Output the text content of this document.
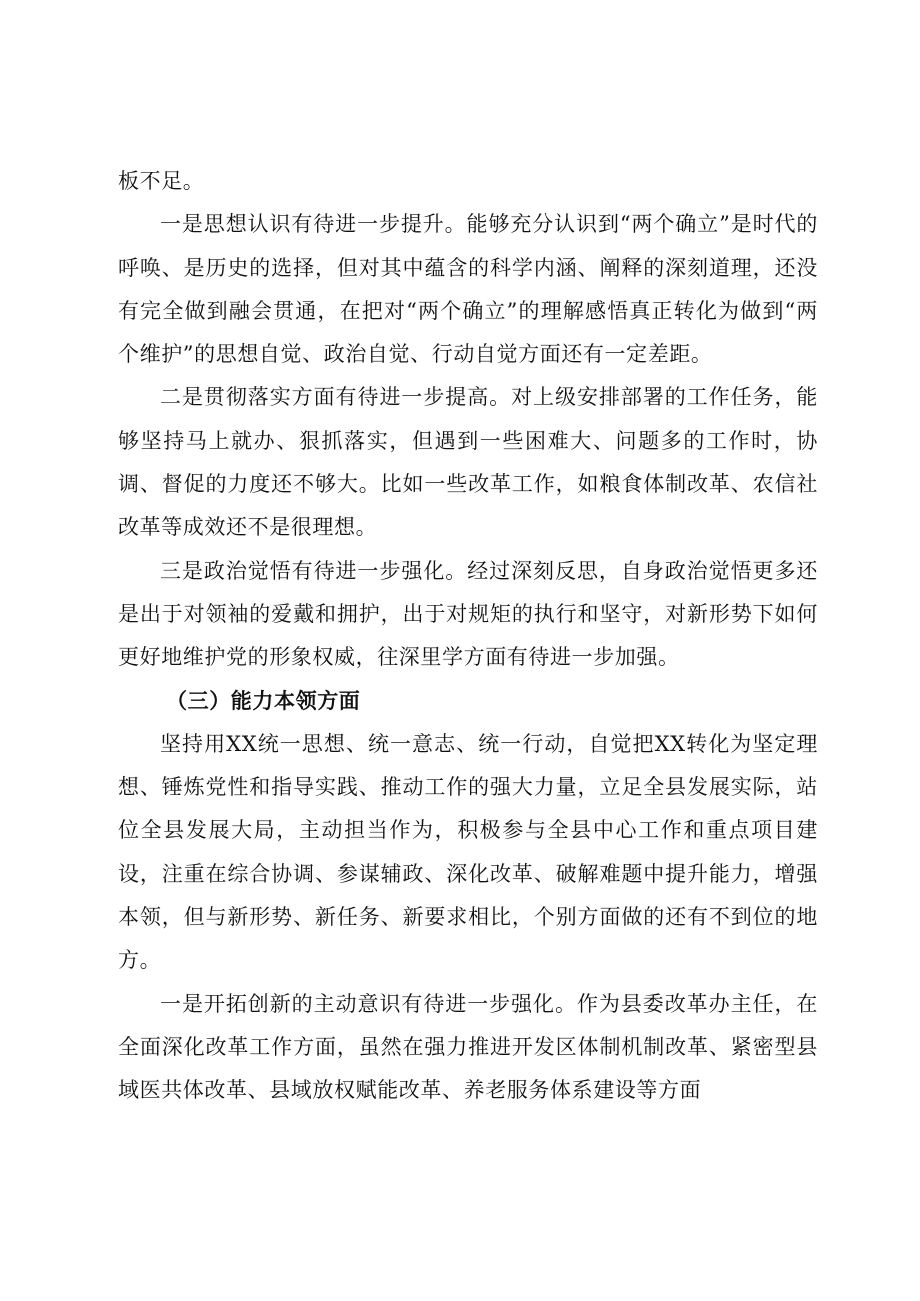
板不足。

一是思想认识有待进一步提升。能够充分认识到“两个确立”是时代的呼唤、是历史的选择，但对其中蕴含的科学内涵、阐释的深刻道理，还没有完全做到融会贯通，在把对“两个确立”的理解感悟真正转化为做到“两个维护”的思想自觉、政治自觉、行动自觉方面还有一定差距。

二是贯彻落实方面有待进一步提高。对上级安排部署的工作任务，能够坚持马上就办、狠抓落实，但遇到一些困难大、问题多的工作时，协调、督促的力度还不够大。比如一些改革工作，如粮食体制改革、农信社改革等成效还不是很理想。

三是政治觉悟有待进一步强化。经过深刻反思，自身政治觉悟更多还是出于对领袖的爱戴和拥护，出于对规矩的执行和坚守，对新形势下如何更好地维护党的形象权威，往深里学方面有待进一步加强。

（三）能力本领方面

坚持用XX统一思想、统一意志、统一行动，自觉把XX转化为坚定理想、锤炼党性和指导实践、推动工作的强大力量，立足全县发展实际，站位全县发展大局，主动担当作为，积极参与全县中心工作和重点项目建设，注重在综合协调、参谋辅政、深化改革、破解难题中提升能力，增强本领，但与新形势、新任务、新要求相比，个别方面做的还有不到位的地方。

一是开拓创新的主动意识有待进一步强化。作为县委改革办主任，在全面深化改革工作方面，虽然在强力推进开发区体制机制改革、紧密型县域医共体改革、县域放权赋能改革、养老服务体系建设等方面
